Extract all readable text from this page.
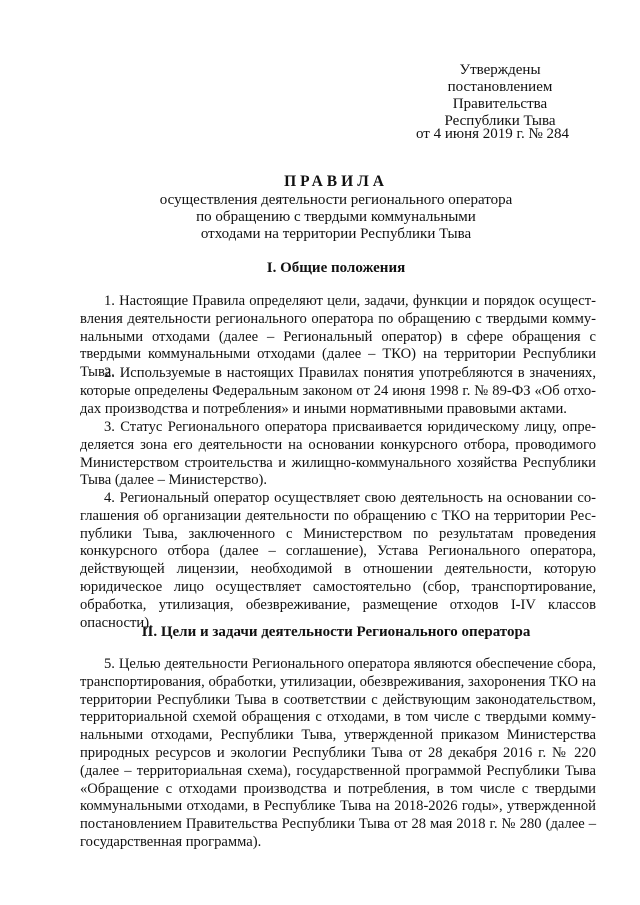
Утверждены
постановлением Правительства
Республики Тыва
от 4 июня 2019 г. № 284
ПРАВИЛА
осуществления деятельности регионального оператора
по обращению с твердыми коммунальными
отходами на территории Республики Тыва
I. Общие положения

1. Настоящие Правила определяют цели, задачи, функции и порядок осуществления деятельности регионального оператора по обращению с твердыми коммунальными отходами (далее – Региональный оператор) в сфере обращения с твердыми коммунальными отходами (далее – ТКО) на территории Республики Тыва.

2. Используемые в настоящих Правилах понятия употребляются в значениях, которые определены Федеральным законом от 24 июня 1998 г. № 89-ФЗ «Об отходах производства и потребления» и иными нормативными правовыми актами.

3. Статус Регионального оператора присваивается юридическому лицу, определяется зона его деятельности на основании конкурсного отбора, проводимого Министерством строительства и жилищно-коммунального хозяйства Республики Тыва (далее – Министерство).

4. Региональный оператор осуществляет свою деятельность на основании соглашения об организации деятельности по обращению с ТКО на территории Республики Тыва, заключенного с Министерством по результатам проведения конкурсного отбора (далее – соглашение), Устава Регионального оператора, действующей лицензии, необходимой в отношении деятельности, которую юридическое лицо осуществляет самостоятельно (сбор, транспортирование, обработка, утилизация, обезвреживание, размещение отходов I-IV классов опасности).

II. Цели и задачи деятельности Регионального оператора

5. Целью деятельности Регионального оператора являются обеспечение сбора, транспортирования, обработки, утилизации, обезвреживания, захоронения ТКО на территории Республики Тыва в соответствии с действующим законодательством, территориальной схемой обращения с отходами, в том числе с твердыми коммунальными отходами, Республики Тыва, утвержденной приказом Министерства природных ресурсов и экологии Республики Тыва от 28 декабря 2016 г. № 220 (далее – территориальная схема), государственной программой Республики Тыва «Обращение с отходами производства и потребления, в том числе с твердыми коммунальными отходами, в Республике Тыва на 2018-2026 годы», утвержденной постановлением Правительства Республики Тыва от 28 мая 2018 г. № 280 (далее – государственная программа).
